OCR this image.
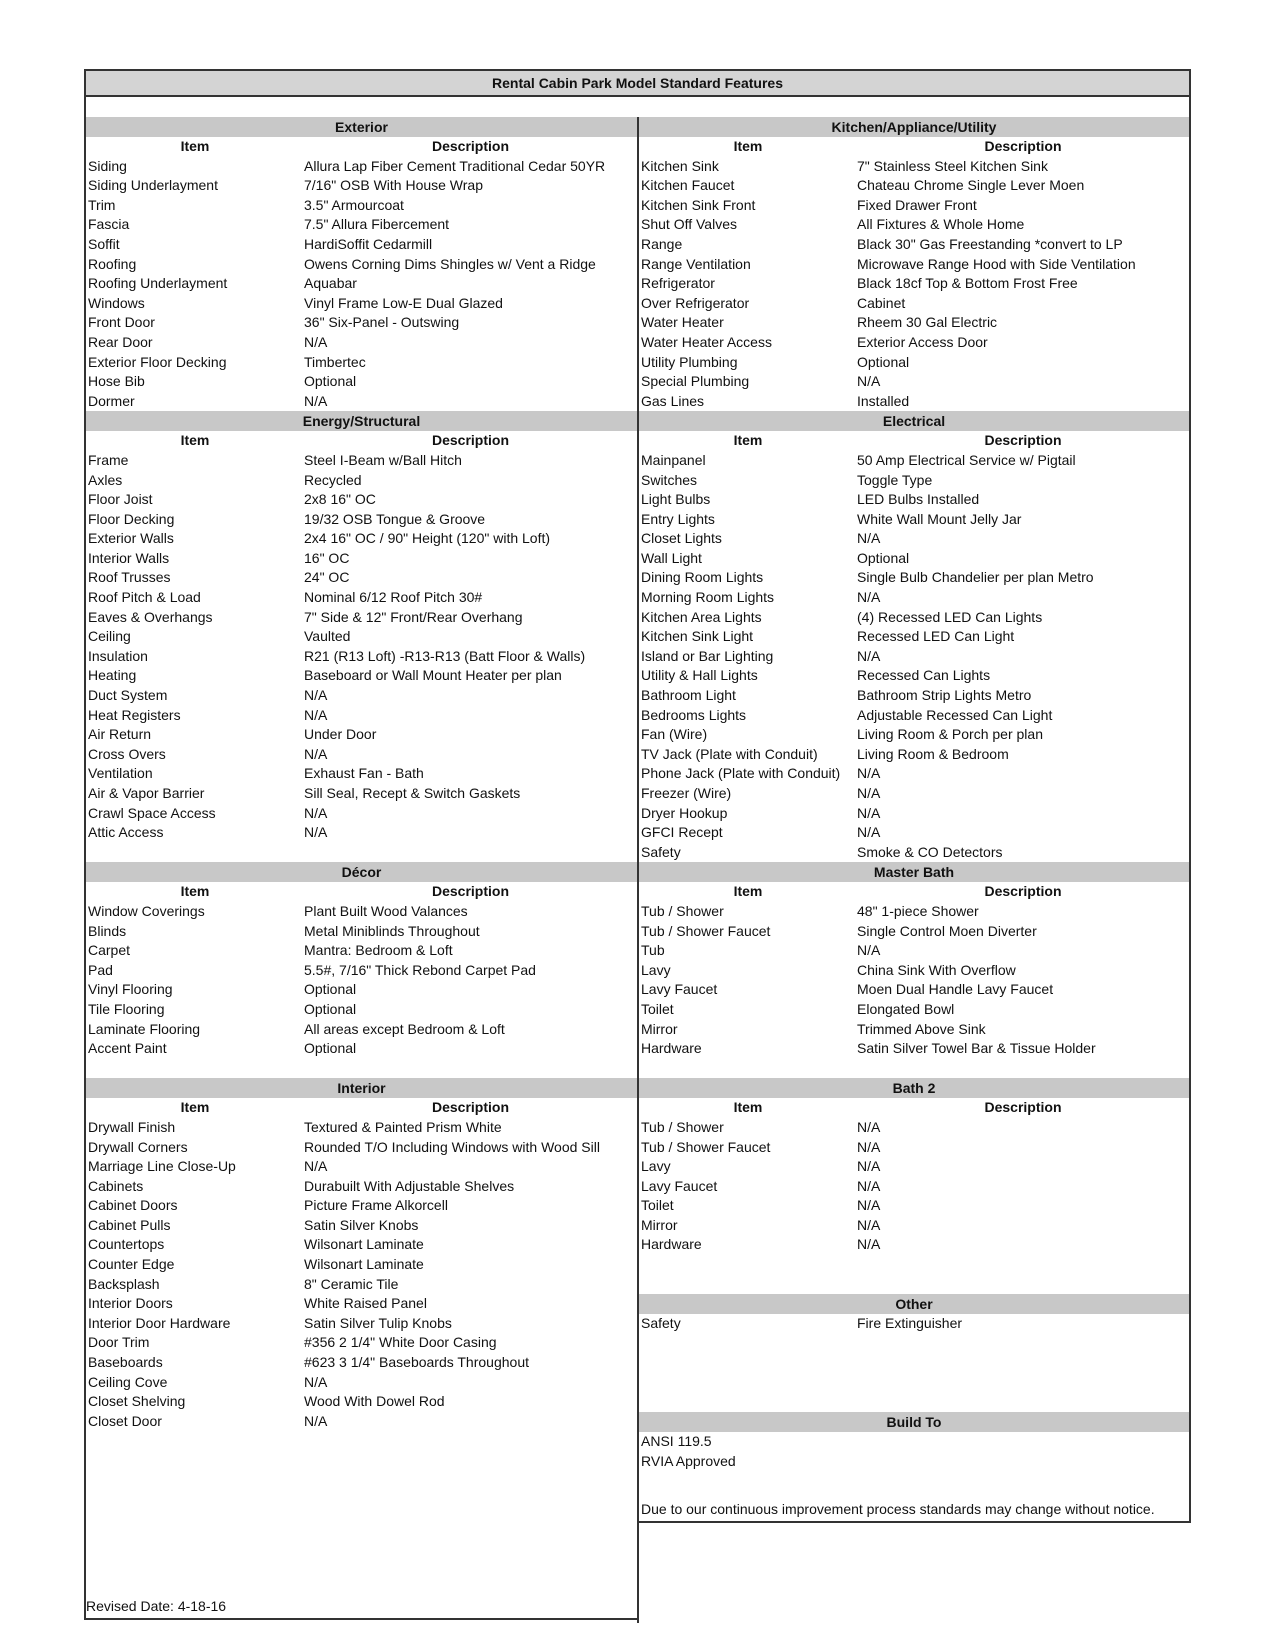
Rental Cabin Park Model Standard Features
Exterior
Item	Description
Siding	Allura Lap Fiber Cement Traditional Cedar 50YR
Siding Underlayment	7/16" OSB With House Wrap
Trim	3.5" Armourcoat
Fascia	7.5" Allura Fibercement
Soffit	HardiSoffit Cedarmill
Roofing	Owens Corning Dims Shingles w/ Vent a Ridge
Roofing Underlayment	Aquabar
Windows	Vinyl Frame Low-E Dual Glazed
Front Door	36" Six-Panel - Outswing
Rear Door	N/A
Exterior Floor Decking	Timbertec
Hose Bib	Optional
Dormer	N/A
Energy/Structural
Item	Description
Frame	Steel I-Beam w/Ball Hitch
Axles	Recycled
Floor Joist	2x8 16" OC
Floor Decking	19/32 OSB Tongue & Groove
Exterior Walls	2x4 16" OC / 90" Height (120" with Loft)
Interior Walls	16" OC
Roof Trusses	24" OC
Roof Pitch & Load	Nominal 6/12 Roof Pitch 30#
Eaves & Overhangs	7" Side & 12" Front/Rear Overhang
Ceiling	Vaulted
Insulation	R21 (R13 Loft) -R13-R13 (Batt Floor & Walls)
Heating	Baseboard or Wall Mount Heater per plan
Duct System	N/A
Heat Registers	N/A
Air Return	Under Door
Cross Overs	N/A
Ventilation	Exhaust Fan - Bath
Air & Vapor Barrier	Sill Seal, Recept & Switch Gaskets
Crawl Space Access	N/A
Attic Access	N/A
Décor
Item	Description
Window Coverings	Plant Built Wood Valances
Blinds	Metal Miniblinds Throughout
Carpet	Mantra: Bedroom & Loft
Pad	5.5#, 7/16" Thick Rebond Carpet Pad
Vinyl Flooring	Optional
Tile Flooring	Optional
Laminate Flooring	All areas except Bedroom & Loft
Accent Paint	Optional
Interior
Item	Description
Drywall Finish	Textured & Painted Prism White
Drywall Corners	Rounded T/O Including Windows with Wood Sill
Marriage Line Close-Up	N/A
Cabinets	Durabuilt With Adjustable Shelves
Cabinet Doors	Picture Frame Alkorcell
Cabinet Pulls	Satin Silver Knobs
Countertops	Wilsonart Laminate
Counter Edge	Wilsonart Laminate
Backsplash	8" Ceramic Tile
Interior Doors	White Raised Panel
Interior Door Hardware	Satin Silver Tulip Knobs
Door Trim	#356 2 1/4" White Door Casing
Baseboards	#623 3 1/4" Baseboards Throughout
Ceiling Cove	N/A
Closet Shelving	Wood With Dowel Rod
Closet Door	N/A
Kitchen/Appliance/Utility
Item	Description
Kitchen Sink	7" Stainless Steel Kitchen Sink
Kitchen Faucet	Chateau Chrome Single Lever Moen
Kitchen Sink Front	Fixed Drawer Front
Shut Off Valves	All Fixtures & Whole Home
Range	Black 30" Gas Freestanding *convert to LP
Range Ventilation	Microwave Range Hood with Side Ventilation
Refrigerator	Black 18cf Top & Bottom Frost Free
Over Refrigerator	Cabinet
Water Heater	Rheem 30 Gal Electric
Water Heater Access	Exterior Access Door
Utility Plumbing	Optional
Special Plumbing	N/A
Gas Lines	Installed
Electrical
Item	Description
Mainpanel	50 Amp Electrical Service w/ Pigtail
Switches	Toggle Type
Light Bulbs	LED Bulbs Installed
Entry Lights	White Wall Mount Jelly Jar
Closet Lights	N/A
Wall Light	Optional
Dining Room Lights	Single Bulb Chandelier per plan Metro
Morning Room Lights	N/A
Kitchen Area Lights	(4) Recessed LED Can Lights
Kitchen Sink Light	Recessed LED Can Light
Island or Bar Lighting	N/A
Utility & Hall Lights	Recessed Can Lights
Bathroom Light	Bathroom Strip Lights Metro
Bedrooms Lights	Adjustable Recessed Can Light
Fan (Wire)	Living Room & Porch per plan
TV Jack (Plate with Conduit)	Living Room & Bedroom
Phone Jack (Plate with Conduit)	N/A
Freezer (Wire)	N/A
Dryer Hookup	N/A
GFCI Recept	N/A
Safety	Smoke & CO Detectors
Master Bath
Item	Description
Tub / Shower	48" 1-piece Shower
Tub / Shower Faucet	Single Control Moen Diverter
Tub	N/A
Lavy	China Sink With Overflow
Lavy Faucet	Moen Dual Handle Lavy Faucet
Toilet	Elongated Bowl
Mirror	Trimmed Above Sink
Hardware	Satin Silver Towel Bar & Tissue Holder
Bath 2
Item	Description
Tub / Shower	N/A
Tub / Shower Faucet	N/A
Lavy	N/A
Lavy Faucet	N/A
Toilet	N/A
Mirror	N/A
Hardware	N/A
Other
Safety	Fire Extinguisher
Build To
ANSI 119.5
RVIA Approved
Revised Date: 4-18-16
Due to our continuous improvement process standards may change without notice.
